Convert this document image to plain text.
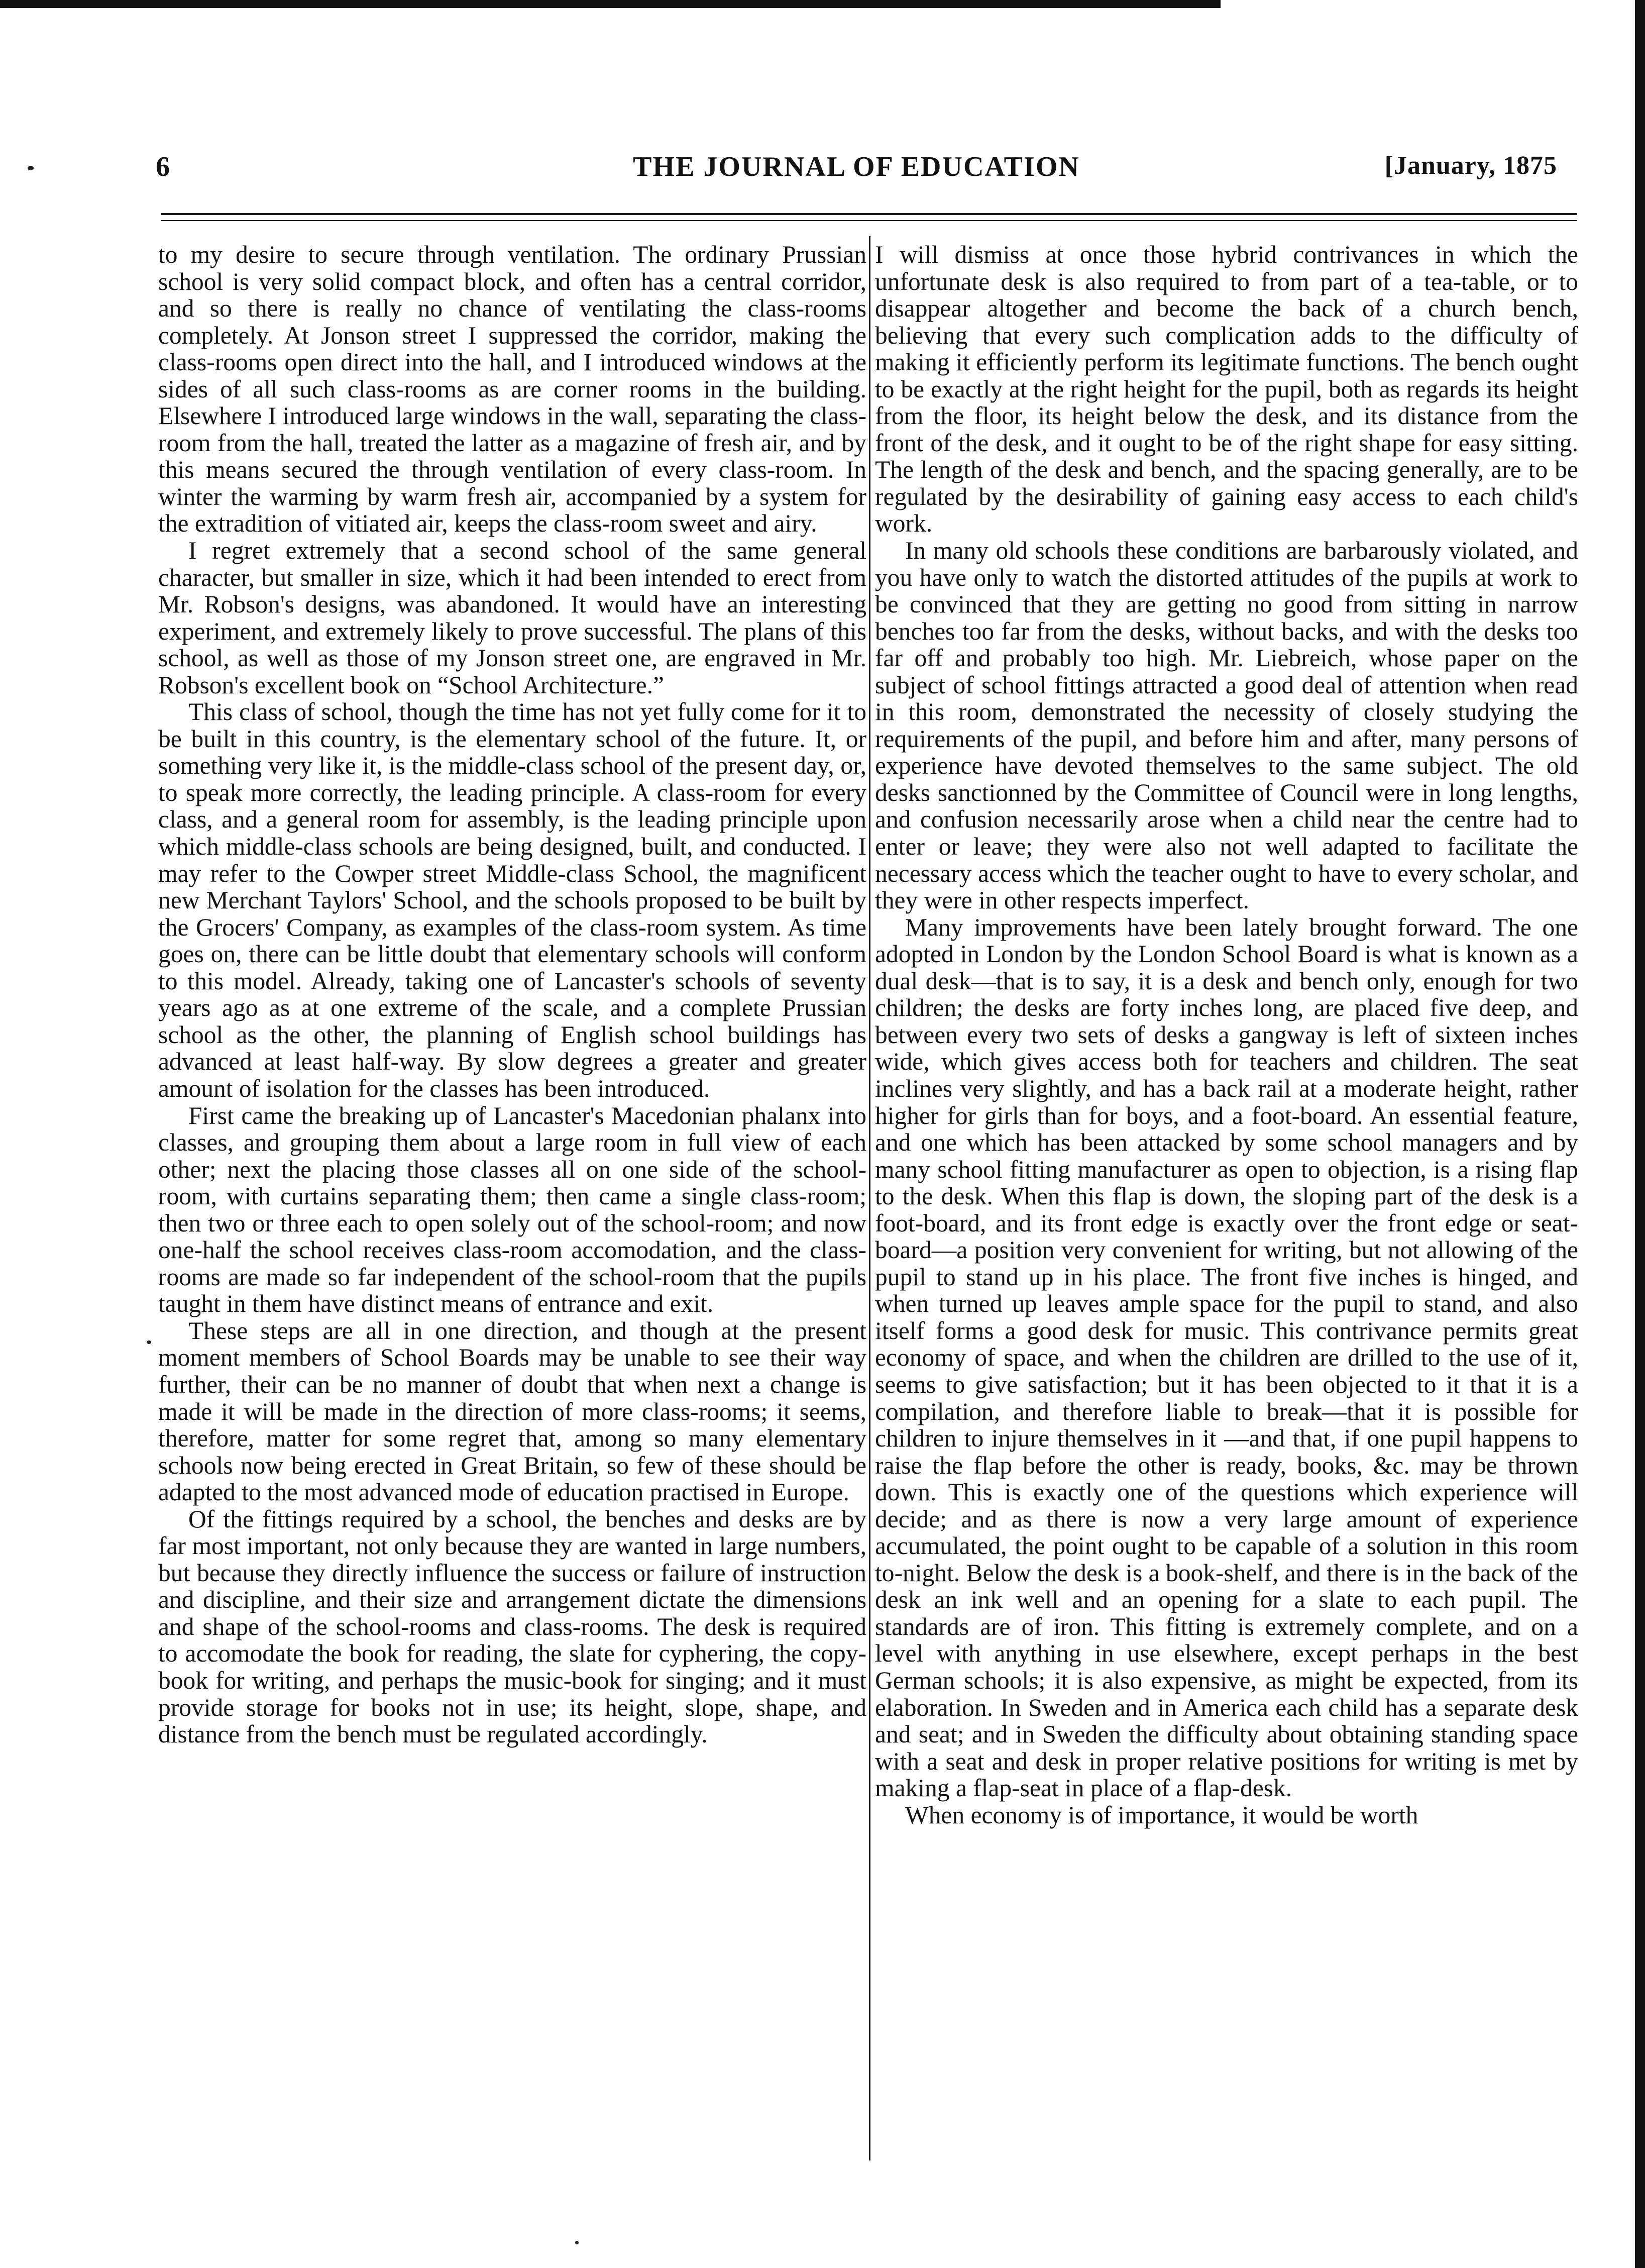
6	THE JOURNAL OF EDUCATION	[January, 1875

to my desire to secure through ventilation. The ordinary Prussian school is very solid compact block, and often has a central corridor, and so there is really no chance of ventilating the class-rooms completely. At Jonson street I suppressed the corridor, making the class-rooms open direct into the hall, and I introduced windows at the sides of all such class-rooms as are corner rooms in the building. Elsewhere I introduced large windows in the wall, separating the class-room from the hall, treated the latter as a magazine of fresh air, and by this means secured the through ventilation of every class-room. In winter the warming by warm fresh air, accompanied by a system for the extradition of vitiated air, keeps the class-room sweet and airy.

I regret extremely that a second school of the same general character, but smaller in size, which it had been intended to erect from Mr. Robson's designs, was abandoned. It would have an interesting experiment, and extremely likely to prove successful. The plans of this school, as well as those of my Jonson street one, are engraved in Mr. Robson's excellent book on “School Architecture.”

This class of school, though the time has not yet fully come for it to be built in this country, is the elementary school of the future. It, or something very like it, is the middle-class school of the present day, or, to speak more correctly, the leading principle. A class-room for every class, and a general room for assembly, is the leading principle upon which middle-class schools are being designed, built, and conducted. I may refer to the Cowper street Middle-class School, the magnificent new Merchant Taylors' School, and the schools proposed to be built by the Grocers' Company, as examples of the class-room system. As time goes on, there can be little doubt that elementary schools will conform to this model. Already, taking one of Lancaster's schools of seventy years ago as at one extreme of the scale, and a complete Prussian school as the other, the planning of English school buildings has advanced at least half-way. By slow degrees a greater and greater amount of isolation for the classes has been introduced.

First came the breaking up of Lancaster's Macedonian phalanx into classes, and grouping them about a large room in full view of each other; next the placing those classes all on one side of the school-room, with curtains separating them; then came a single class-room; then two or three each to open solely out of the school-room; and now one-half the school receives class-room accomodation, and the class-rooms are made so far independent of the school-room that the pupils taught in them have distinct means of entrance and exit.

These steps are all in one direction, and though at the present moment members of School Boards may be unable to see their way further, their can be no manner of doubt that when next a change is made it will be made in the direction of more class-rooms; it seems, therefore, matter for some regret that, among so many elementary schools now being erected in Great Britain, so few of these should be adapted to the most advanced mode of education practised in Europe.

Of the fittings required by a school, the benches and desks are by far most important, not only because they are wanted in large numbers, but because they directly influence the success or failure of instruction and discipline, and their size and arrangement dictate the dimensions and shape of the school-rooms and class-rooms. The desk is required to accomodate the book for reading, the slate for cyphering, the copy-book for writing, and perhaps the music-book for singing; and it must provide storage for books not in use; its height, slope, shape, and distance from the bench must be regulated accordingly.

I will dismiss at once those hybrid contrivances in which the unfortunate desk is also required to from part of a tea-table, or to disappear altogether and become the back of a church bench, believing that every such complication adds to the difficulty of making it efficiently perform its legitimate functions. The bench ought to be exactly at the right height for the pupil, both as regards its height from the floor, its height below the desk, and its distance from the front of the desk, and it ought to be of the right shape for easy sitting. The length of the desk and bench, and the spacing generally, are to be regulated by the desirability of gaining easy access to each child's work.

In many old schools these conditions are barbarously violated, and you have only to watch the distorted attitudes of the pupils at work to be convinced that they are getting no good from sitting in narrow benches too far from the desks, without backs, and with the desks too far off and probably too high. Mr. Liebreich, whose paper on the subject of school fittings attracted a good deal of attention when read in this room, demonstrated the necessity of closely studying the requirements of the pupil, and before him and after, many persons of experience have devoted themselves to the same subject. The old desks sanctionned by the Committee of Council were in long lengths, and confusion necessarily arose when a child near the centre had to enter or leave; they were also not well adapted to facilitate the necessary access which the teacher ought to have to every scholar, and they were in other respects imperfect.

Many improvements have been lately brought forward. The one adopted in London by the London School Board is what is known as a dual desk—that is to say, it is a desk and bench only, enough for two children; the desks are forty inches long, are placed five deep, and between every two sets of desks a gangway is left of sixteen inches wide, which gives access both for teachers and children. The seat inclines very slightly, and has a back rail at a moderate height, rather higher for girls than for boys, and a foot-board. An essential feature, and one which has been attacked by some school managers and by many school fitting manufacturer as open to objection, is a rising flap to the desk. When this flap is down, the sloping part of the desk is a foot-board, and its front edge is exactly over the front edge or seat-board—a position very convenient for writing, but not allowing of the pupil to stand up in his place. The front five inches is hinged, and when turned up leaves ample space for the pupil to stand, and also itself forms a good desk for music. This contrivance permits great economy of space, and when the children are drilled to the use of it, seems to give satisfaction; but it has been objected to it that it is a compilation, and therefore liable to break—that it is possible for children to injure themselves in it —and that, if one pupil happens to raise the flap before the other is ready, books, &c. may be thrown down. This is exactly one of the questions which experience will decide; and as there is now a very large amount of experience accumulated, the point ought to be capable of a solution in this room to-night. Below the desk is a book-shelf, and there is in the back of the desk an ink well and an opening for a slate to each pupil. The standards are of iron. This fitting is extremely complete, and on a level with anything in use elsewhere, except perhaps in the best German schools; it is also expensive, as might be expected, from its elaboration. In Sweden and in America each child has a separate desk and seat; and in Sweden the difficulty about obtaining standing space with a seat and desk in proper relative positions for writing is met by making a flap-seat in place of a flap-desk.

When economy is of importance, it would be worth
